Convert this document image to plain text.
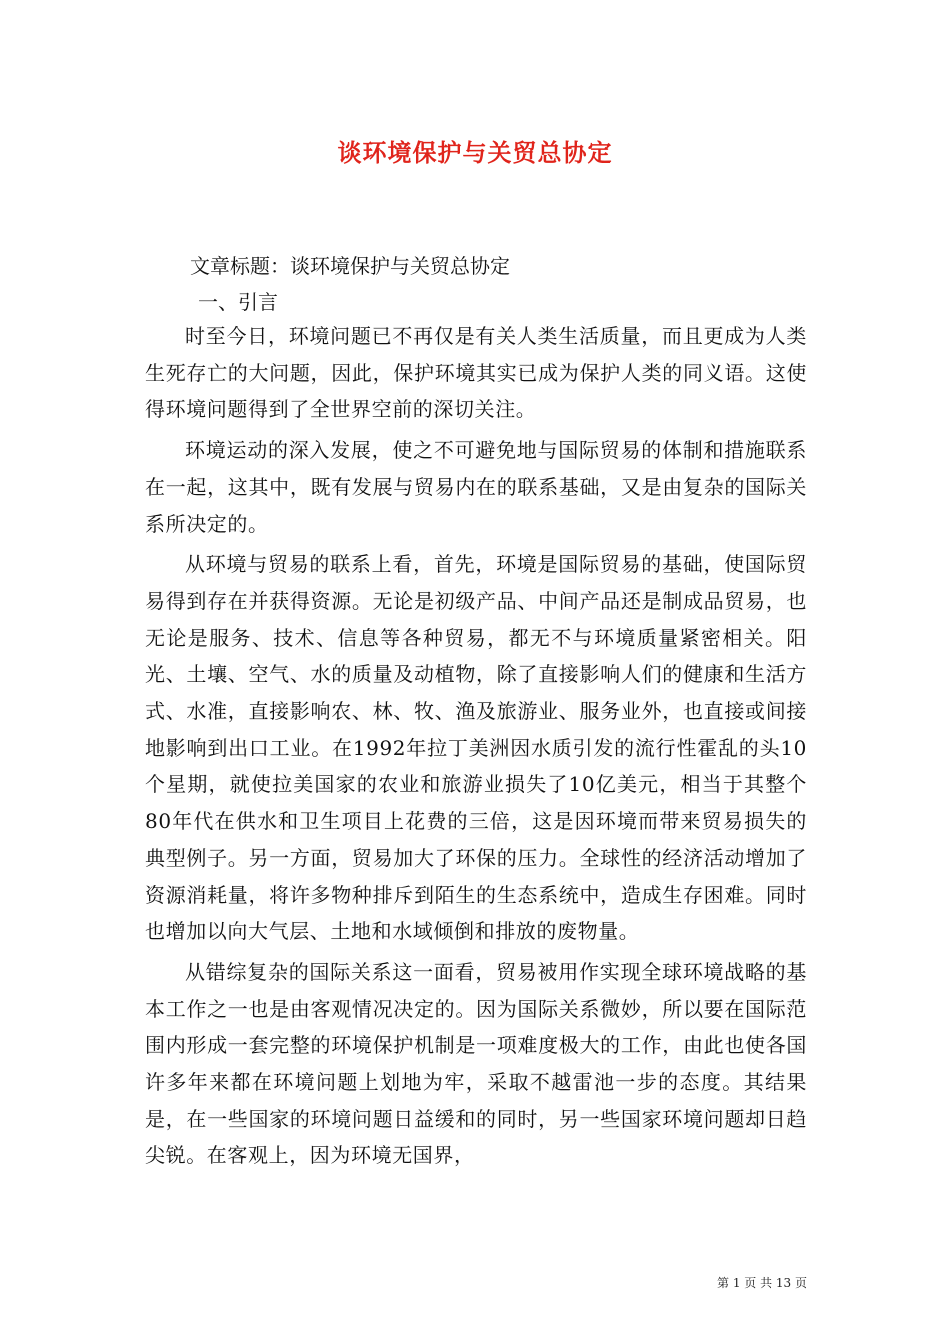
谈环境保护与关贸总协定

文章标题：谈环境保护与关贸总协定

一、引言

时至今日，环境问题已不再仅是有关人类生活质量，而且更成为人类生死存亡的大问题，因此，保护环境其实已成为保护人类的同义语。这使得环境问题得到了全世界空前的深切关注。

环境运动的深入发展，使之不可避免地与国际贸易的体制和措施联系在一起，这其中，既有发展与贸易内在的联系基础，又是由复杂的国际关系所决定的。

从环境与贸易的联系上看，首先，环境是国际贸易的基础，使国际贸易得到存在并获得资源。无论是初级产品、中间产品还是制成品贸易，也无论是服务、技术、信息等各种贸易，都无不与环境质量紧密相关。阳光、土壤、空气、水的质量及动植物，除了直接影响人们的健康和生活方式、水准，直接影响农、林、牧、渔及旅游业、服务业外，也直接或间接地影响到出口工业。在1992年拉丁美洲因水质引发的流行性霍乱的头10个星期，就使拉美国家的农业和旅游业损失了10亿美元，相当于其整个80年代在供水和卫生项目上花费的三倍，这是因环境而带来贸易损失的典型例子。另一方面，贸易加大了环保的压力。全球性的经济活动增加了资源消耗量，将许多物种排斥到陌生的生态系统中，造成生存困难。同时也增加以向大气层、土地和水域倾倒和排放的废物量。

从错综复杂的国际关系这一面看，贸易被用作实现全球环境战略的基本工作之一也是由客观情况决定的。因为国际关系微妙，所以要在国际范围内形成一套完整的环境保护机制是一项难度极大的工作，由此也使各国许多年来都在环境问题上划地为牢，采取不越雷池一步的态度。其结果是，在一些国家的环境问题日益缓和的同时，另一些国家环境问题却日趋尖锐。在客观上，因为环境无国界，

第 1 页 共 13 页
